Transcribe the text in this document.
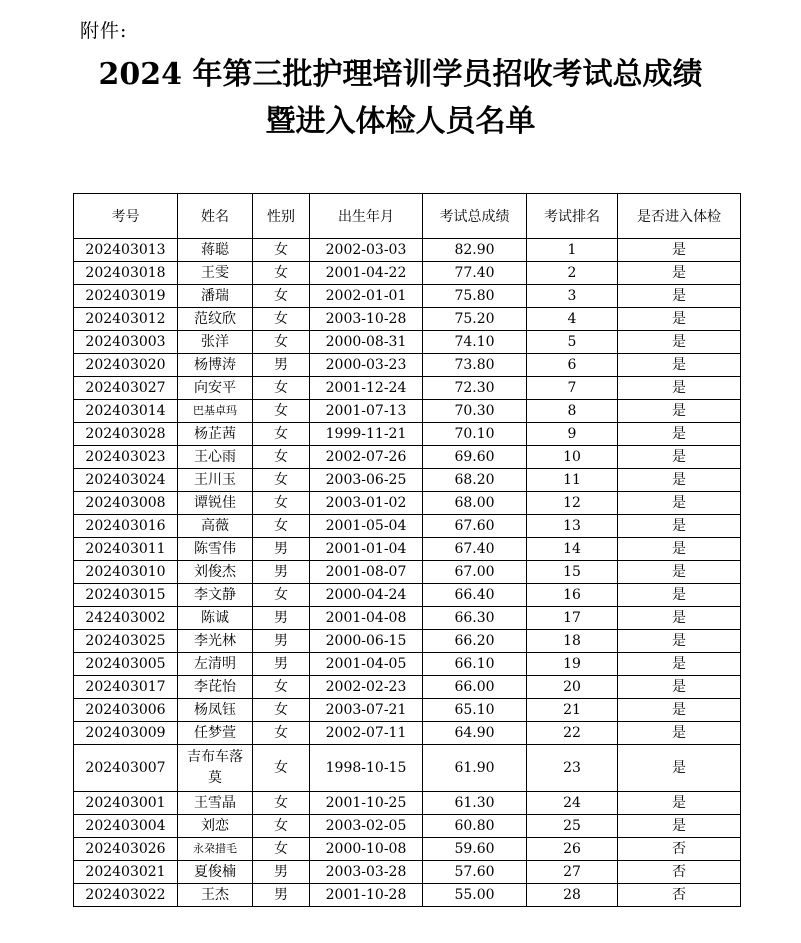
附件:
2024 年第三批护理培训学员招收考试总成绩
暨进入体检人员名单
考号	姓名	性别	出生年月	考试总成绩	考试排名	是否进入体检
202403013	蒋聪	女	2002-03-03	82.90	1	是
202403018	王雯	女	2001-04-22	77.40	2	是
202403019	潘瑞	女	2002-01-01	75.80	3	是
202403012	范纹欣	女	2003-10-28	75.20	4	是
202403003	张洋	女	2000-08-31	74.10	5	是
202403020	杨博涛	男	2000-03-23	73.80	6	是
202403027	向安平	女	2001-12-24	72.30	7	是
202403014	巴基卓玛	女	2001-07-13	70.30	8	是
202403028	杨芷茜	女	1999-11-21	70.10	9	是
202403023	王心雨	女	2002-07-26	69.60	10	是
202403024	王川玉	女	2003-06-25	68.20	11	是
202403008	谭锐佳	女	2003-01-02	68.00	12	是
202403016	高薇	女	2001-05-04	67.60	13	是
202403011	陈雪伟	男	2001-01-04	67.40	14	是
202403010	刘俊杰	男	2001-08-07	67.00	15	是
202403015	李文静	女	2000-04-24	66.40	16	是
242403002	陈诚	男	2001-04-08	66.30	17	是
202403025	李光林	男	2000-06-15	66.20	18	是
202403005	左清明	男	2001-04-05	66.10	19	是
202403017	李芘怡	女	2002-02-23	66.00	20	是
202403006	杨凤钰	女	2003-07-21	65.10	21	是
202403009	任梦萱	女	2002-07-11	64.90	22	是
202403007	吉布车落莫	女	1998-10-15	61.90	23	是
202403001	王雪晶	女	2001-10-25	61.30	24	是
202403004	刘恋	女	2003-02-05	60.80	25	是
202403026	永朶措毛	女	2000-10-08	59.60	26	否
202403021	夏俊楠	男	2003-03-28	57.60	27	否
202403022	王杰	男	2001-10-28	55.00	28	否
